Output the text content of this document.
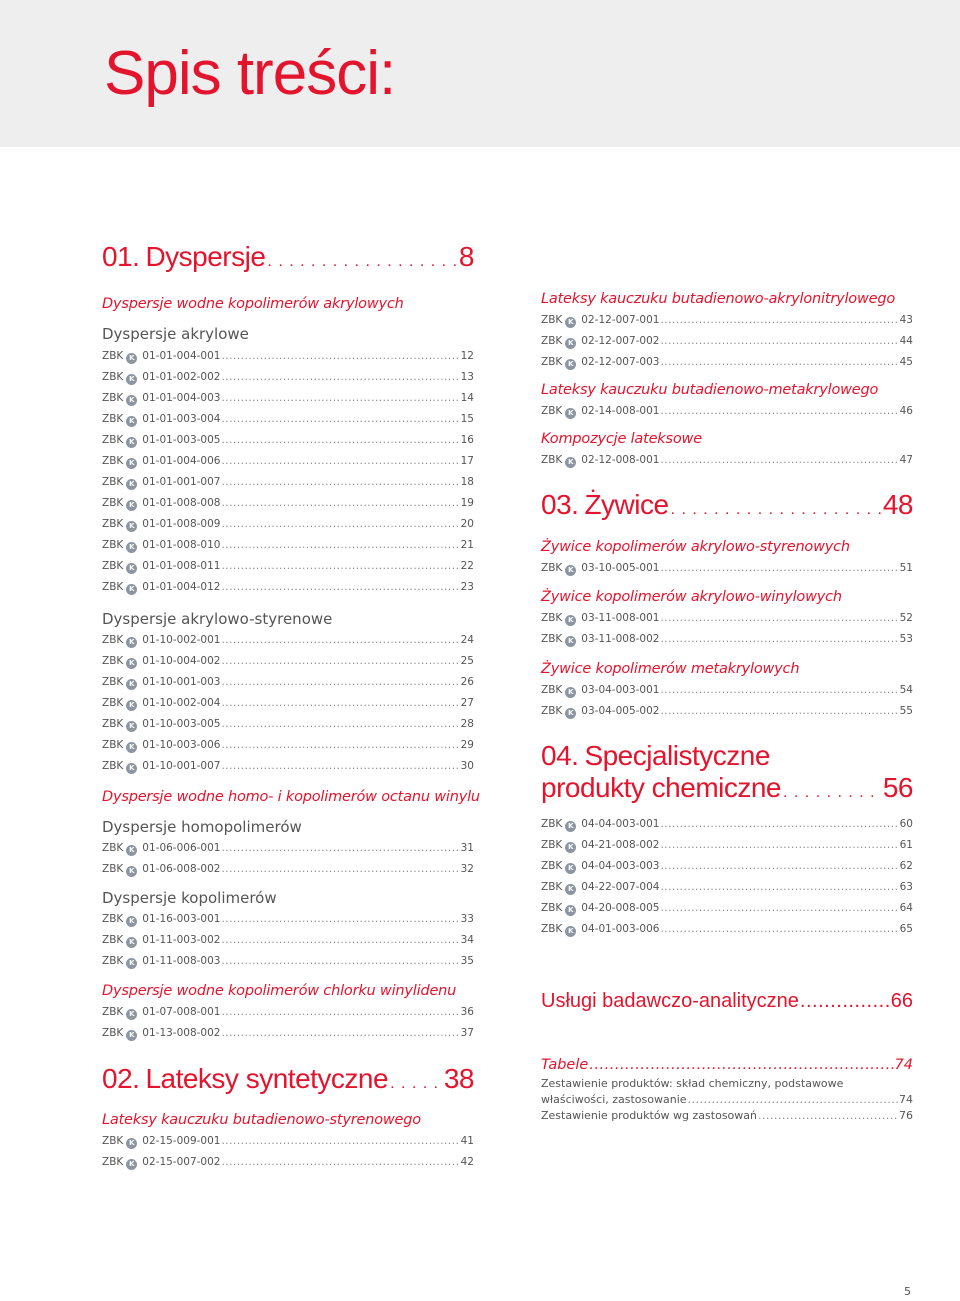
Spis treści:
01. Dyspersje . . .	8

Dyspersje wodne kopolimerów akrylowych

Dyspersje akrylowe

ZBK K 01-01-004-001 .....	12
ZBK K 01-01-002-002 .....	13
ZBK K 01-01-004-003 .....	14
ZBK K 01-01-003-004 .....	15
ZBK K 01-01-003-005 .....	16
ZBK K 01-01-004-006 .....	17
ZBK K 01-01-001-007 .....	18
ZBK K 01-01-008-008 .....	19
ZBK K 01-01-008-009 .....	20
ZBK K 01-01-008-010 .....	21
ZBK K 01-01-008-011 .....	22
ZBK K 01-01-004-012 .....	23

Dyspersje akrylowo-styrenowe

ZBK K 01-10-002-001 .....	24
ZBK K 01-10-004-002 .....	25
ZBK K 01-10-001-003 .....	26
ZBK K 01-10-002-004 .....	27
ZBK K 01-10-003-005 .....	28
ZBK K 01-10-003-006 .....	29
ZBK K 01-10-001-007 .....	30

Dyspersje wodne homo- i kopolimerów octanu winylu

Dyspersje homopolimerów

ZBK K 01-06-006-001 .....	31
ZBK K 01-06-008-002 .....	32

Dyspersje kopolimerów

ZBK K 01-16-003-001 .....	33
ZBK K 01-11-003-002 .....	34
ZBK K 01-11-008-003 .....	35

Dyspersje wodne kopolimerów chlorku winylidenu

ZBK K 01-07-008-001 .....	36
ZBK K 01-13-008-002 .....	37
02. Lateksy syntetyczne . . . 38

Lateksy kauczuku butadienowo-styrenowego

ZBK K 02-15-009-001 .....	41
ZBK K 02-15-007-002 .....	42

Lateksy kauczuku butadienowo-akrylonitrylowego

ZBK K 02-12-007-001 .....	43
ZBK K 02-12-007-002 .....	44
ZBK K 02-12-007-003 .....	45

Lateksy kauczuku butadienowo-metakrylowego

ZBK K 02-14-008-001 .....	46

Kompozycje lateksowe

ZBK K 02-12-008-001 .....	47
03. Żywice . . .	48

Żywice kopolimerów akrylowo-styrenowych

ZBK K 03-10-005-001 .....	51

Żywice kopolimerów akrylowo-winylowych

ZBK K 03-11-008-001 .....	52
ZBK K 03-11-008-002 .....	53

Żywice kopolimerów metakrylowych

ZBK K 03-04-003-001 .....	54
ZBK K 03-04-005-002 .....	55
04. Specjalistyczne
produkty chemiczne . . .	56
ZBK K 04-04-003-001 .....	60
ZBK K 04-21-008-002 .....	61
ZBK K 04-04-003-003 .....	62
ZBK K 04-22-007-004 .....	63
ZBK K 04-20-008-005 .....	64
ZBK K 04-01-003-006 .....	65
Usługi badawczo-analityczne .....	66
Tabele .....	74
Zestawienie produktów: skład chemiczny, podstawowe
właściwości, zastosowanie .....	74
Zestawienie produktów wg zastosowań .....	76
5
